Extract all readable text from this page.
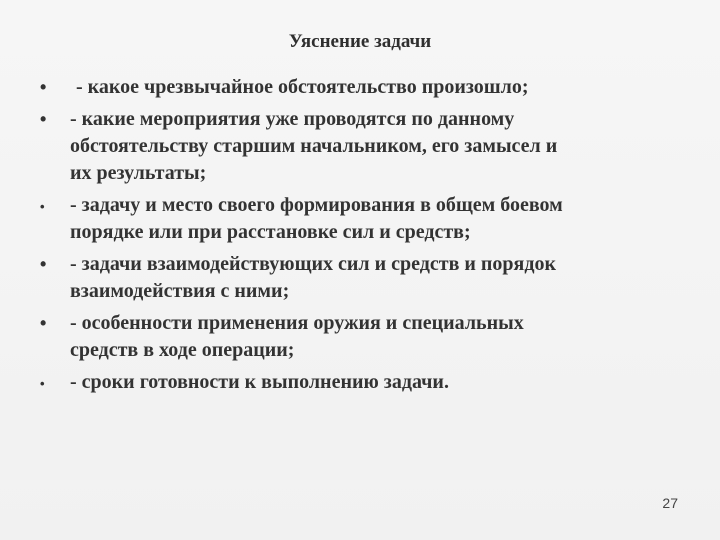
Уяснение задачи
•	- какое чрезвычайное обстоятельство произошло;
•	- какие мероприятия уже проводятся по данному
обстоятельству старшим начальником, его замысел и
их результаты;
•	- задачу и место своего формирования в общем боевом
порядке или при расстановке сил и средств;
•	- задачи взаимодействующих сил и средств и порядок
взаимодействия с ними;
•	- особенности применения оружия и специальных
средств в ходе операции;
•	- сроки готовности к выполнению задачи.
27
